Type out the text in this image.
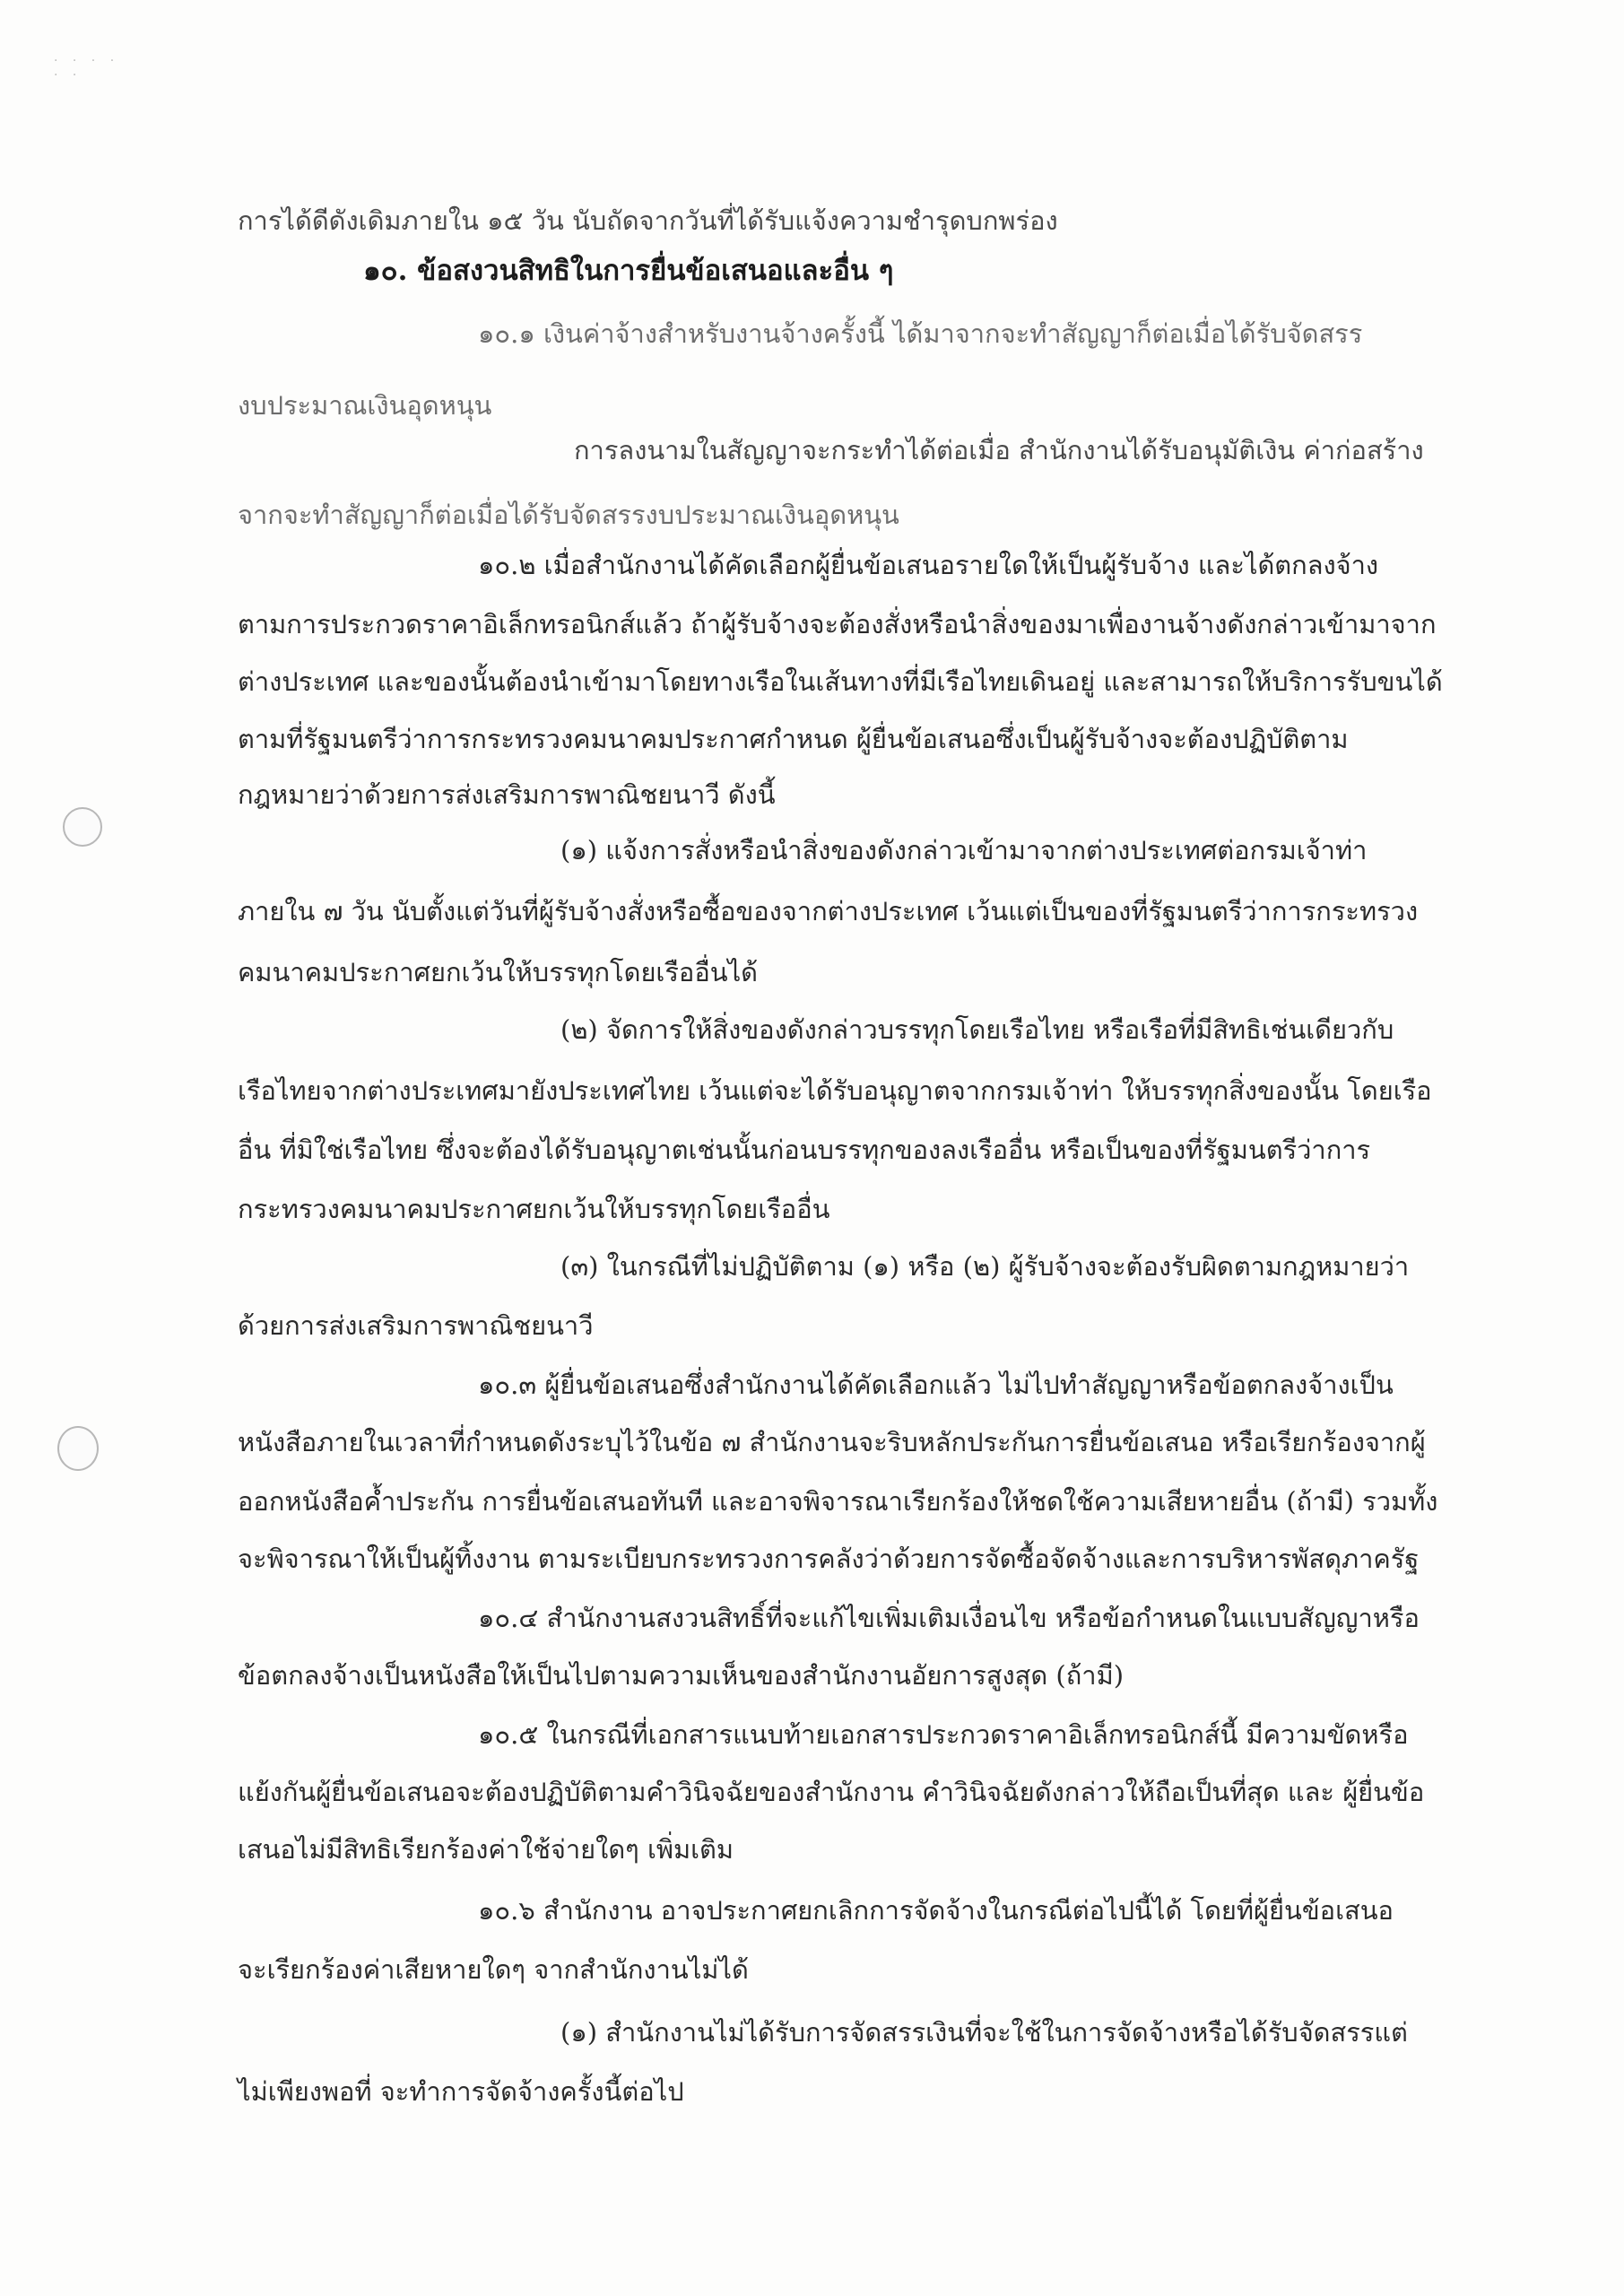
· · · ·
· ·
การได้ดีดังเดิมภายใน ๑๕ วัน นับถัดจากวันที่ได้รับแจ้งความชำรุดบกพร่อง
๑๐. ข้อสงวนสิทธิในการยื่นข้อเสนอและอื่น ๆ
๑๐.๑ เงินค่าจ้างสำหรับงานจ้างครั้งนี้ ได้มาจากจะทำสัญญาก็ต่อเมื่อได้รับจัดสรร
งบประมาณเงินอุดหนุน
การลงนามในสัญญาจะกระทำได้ต่อเมื่อ สำนักงานได้รับอนุมัติเงิน ค่าก่อสร้าง
จากจะทำสัญญาก็ต่อเมื่อได้รับจัดสรรงบประมาณเงินอุดหนุน
๑๐.๒ เมื่อสำนักงานได้คัดเลือกผู้ยื่นข้อเสนอรายใดให้เป็นผู้รับจ้าง และได้ตกลงจ้าง
ตามการประกวดราคาอิเล็กทรอนิกส์แล้ว ถ้าผู้รับจ้างจะต้องสั่งหรือนำสิ่งของมาเพื่องานจ้างดังกล่าวเข้ามาจาก
ต่างประเทศ และของนั้นต้องนำเข้ามาโดยทางเรือในเส้นทางที่มีเรือไทยเดินอยู่ และสามารถให้บริการรับขนได้
ตามที่รัฐมนตรีว่าการกระทรวงคมนาคมประกาศกำหนด ผู้ยื่นข้อเสนอซึ่งเป็นผู้รับจ้างจะต้องปฏิบัติตาม
กฎหมายว่าด้วยการส่งเสริมการพาณิชยนาวี ดังนี้
(๑) แจ้งการสั่งหรือนำสิ่งของดังกล่าวเข้ามาจากต่างประเทศต่อกรมเจ้าท่า
ภายใน ๗ วัน นับตั้งแต่วันที่ผู้รับจ้างสั่งหรือซื้อของจากต่างประเทศ เว้นแต่เป็นของที่รัฐมนตรีว่าการกระทรวง
คมนาคมประกาศยกเว้นให้บรรทุกโดยเรืออื่นได้
(๒) จัดการให้สิ่งของดังกล่าวบรรทุกโดยเรือไทย หรือเรือที่มีสิทธิเช่นเดียวกับ
เรือไทยจากต่างประเทศมายังประเทศไทย เว้นแต่จะได้รับอนุญาตจากกรมเจ้าท่า ให้บรรทุกสิ่งของนั้น โดยเรือ
อื่น ที่มิใช่เรือไทย ซึ่งจะต้องได้รับอนุญาตเช่นนั้นก่อนบรรทุกของลงเรืออื่น หรือเป็นของที่รัฐมนตรีว่าการ
กระทรวงคมนาคมประกาศยกเว้นให้บรรทุกโดยเรืออื่น
(๓) ในกรณีที่ไม่ปฏิบัติตาม (๑) หรือ (๒) ผู้รับจ้างจะต้องรับผิดตามกฎหมายว่า
ด้วยการส่งเสริมการพาณิชยนาวี
๑๐.๓ ผู้ยื่นข้อเสนอซึ่งสำนักงานได้คัดเลือกแล้ว ไม่ไปทำสัญญาหรือข้อตกลงจ้างเป็น
หนังสือภายในเวลาที่กำหนดดังระบุไว้ในข้อ ๗ สำนักงานจะริบหลักประกันการยื่นข้อเสนอ หรือเรียกร้องจากผู้
ออกหนังสือค้ำประกัน การยื่นข้อเสนอทันที และอาจพิจารณาเรียกร้องให้ชดใช้ความเสียหายอื่น (ถ้ามี) รวมทั้ง
จะพิจารณาให้เป็นผู้ทิ้งงาน ตามระเบียบกระทรวงการคลังว่าด้วยการจัดซื้อจัดจ้างและการบริหารพัสดุภาครัฐ
๑๐.๔ สำนักงานสงวนสิทธิ์ที่จะแก้ไขเพิ่มเติมเงื่อนไข หรือข้อกำหนดในแบบสัญญาหรือ
ข้อตกลงจ้างเป็นหนังสือให้เป็นไปตามความเห็นของสำนักงานอัยการสูงสุด (ถ้ามี)
๑๐.๕ ในกรณีที่เอกสารแนบท้ายเอกสารประกวดราคาอิเล็กทรอนิกส์นี้ มีความขัดหรือ
แย้งกันผู้ยื่นข้อเสนอจะต้องปฏิบัติตามคำวินิจฉัยของสำนักงาน คำวินิจฉัยดังกล่าวให้ถือเป็นที่สุด และ ผู้ยื่นข้อ
เสนอไม่มีสิทธิเรียกร้องค่าใช้จ่ายใดๆ เพิ่มเติม
๑๐.๖ สำนักงาน อาจประกาศยกเลิกการจัดจ้างในกรณีต่อไปนี้ได้ โดยที่ผู้ยื่นข้อเสนอ
จะเรียกร้องค่าเสียหายใดๆ จากสำนักงานไม่ได้
(๑) สำนักงานไม่ได้รับการจัดสรรเงินที่จะใช้ในการจัดจ้างหรือได้รับจัดสรรแต่
ไม่เพียงพอที่ จะทำการจัดจ้างครั้งนี้ต่อไป
